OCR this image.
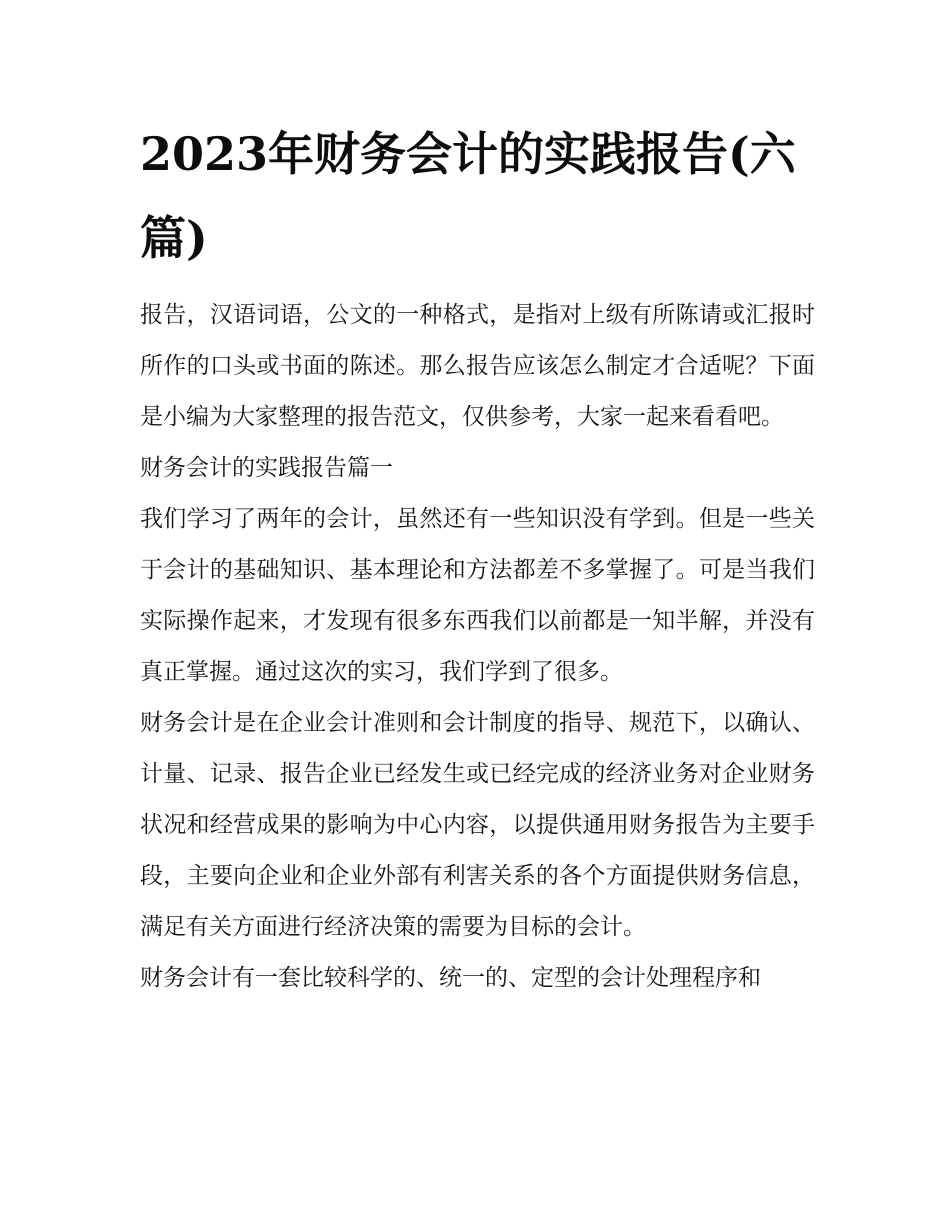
2023年财务会计的实践报告(六篇)

报告，汉语词语，公文的一种格式，是指对上级有所陈请或汇报时所作的口头或书面的陈述。那么报告应该怎么制定才合适呢？下面是小编为大家整理的报告范文，仅供参考，大家一起来看看吧。

财务会计的实践报告篇一

我们学习了两年的会计，虽然还有一些知识没有学到。但是一些关于会计的基础知识、基本理论和方法都差不多掌握了。可是当我们实际操作起来，才发现有很多东西我们以前都是一知半解，并没有真正掌握。通过这次的实习，我们学到了很多。

财务会计是在企业会计准则和会计制度的指导、规范下，以确认、计量、记录、报告企业已经发生或已经完成的经济业务对企业财务状况和经营成果的影响为中心内容，以提供通用财务报告为主要手段，主要向企业和企业外部有利害关系的各个方面提供财务信息，满足有关方面进行经济决策的需要为目标的会计。

财务会计有一套比较科学的、统一的、定型的会计处理程序和
